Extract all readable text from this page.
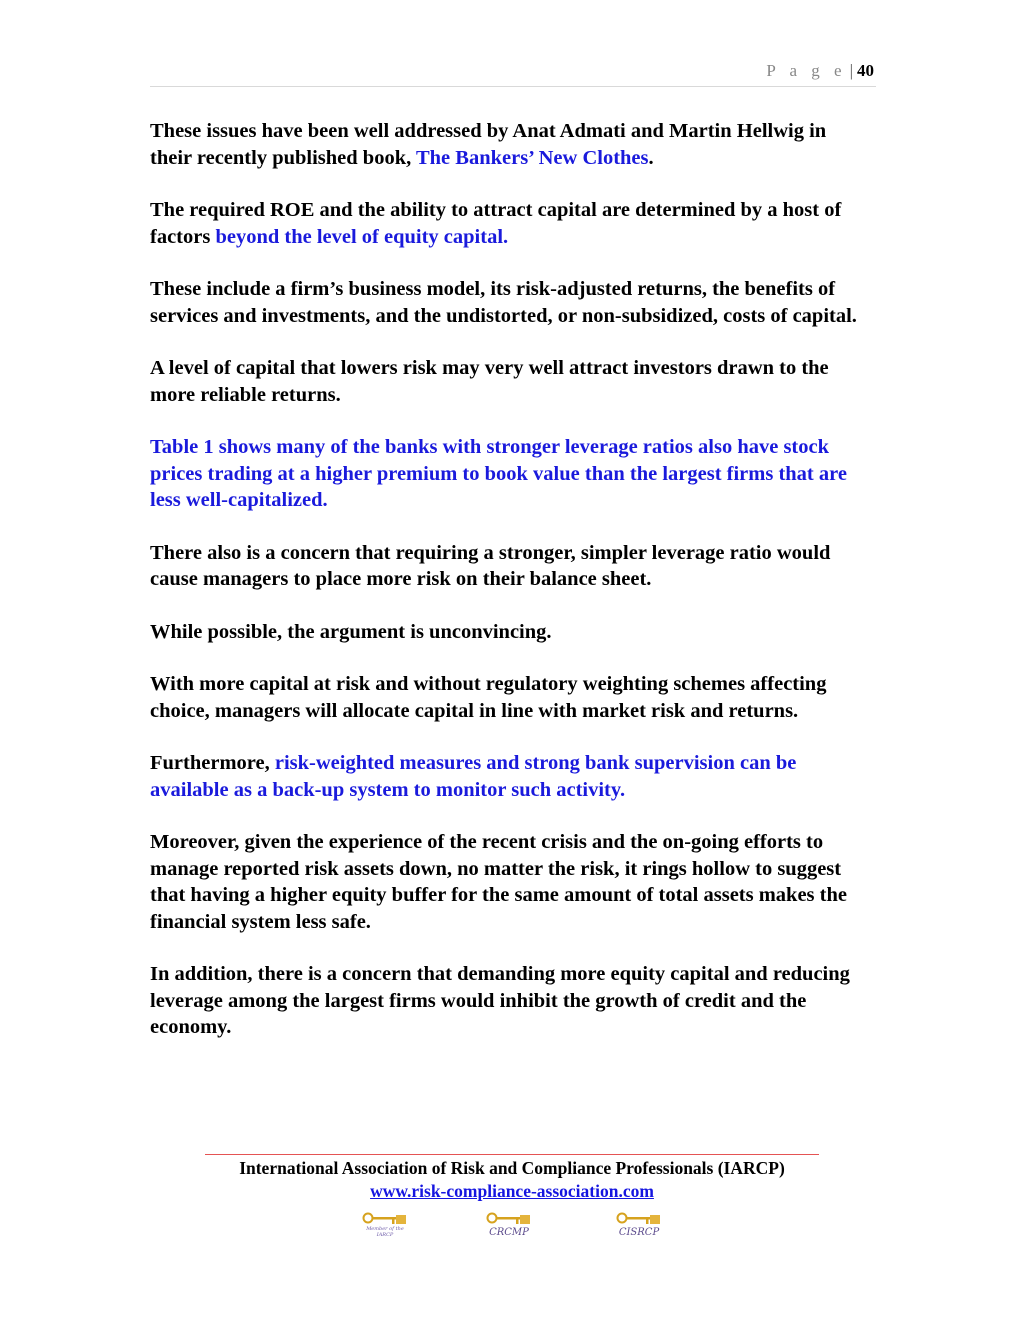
P a g e | 40

These issues have been well addressed by Anat Admati and Martin Hellwig in their recently published book, The Bankers’ New Clothes.

The required ROE and the ability to attract capital are determined by a host of factors beyond the level of equity capital.

These include a firm’s business model, its risk-adjusted returns, the benefits of services and investments, and the undistorted, or non-subsidized, costs of capital.

A level of capital that lowers risk may very well attract investors drawn to the more reliable returns.

Table 1 shows many of the banks with stronger leverage ratios also have stock prices trading at a higher premium to book value than the largest firms that are less well-capitalized.

There also is a concern that requiring a stronger, simpler leverage ratio would cause managers to place more risk on their balance sheet.

While possible, the argument is unconvincing.

With more capital at risk and without regulatory weighting schemes affecting choice, managers will allocate capital in line with market risk and returns.

Furthermore, risk-weighted measures and strong bank supervision can be available as a back-up system to monitor such activity.

Moreover, given the experience of the recent crisis and the on-going efforts to manage reported risk assets down, no matter the risk, it rings hollow to suggest that having a higher equity buffer for the same amount of total assets makes the financial system less safe.

In addition, there is a concern that demanding more equity capital and reducing leverage among the largest firms would inhibit the growth of credit and the economy.

International Association of Risk and Compliance Professionals (IARCP)
www.risk-compliance-association.com
Member of the IARCP	CRCMP	CISRCP
